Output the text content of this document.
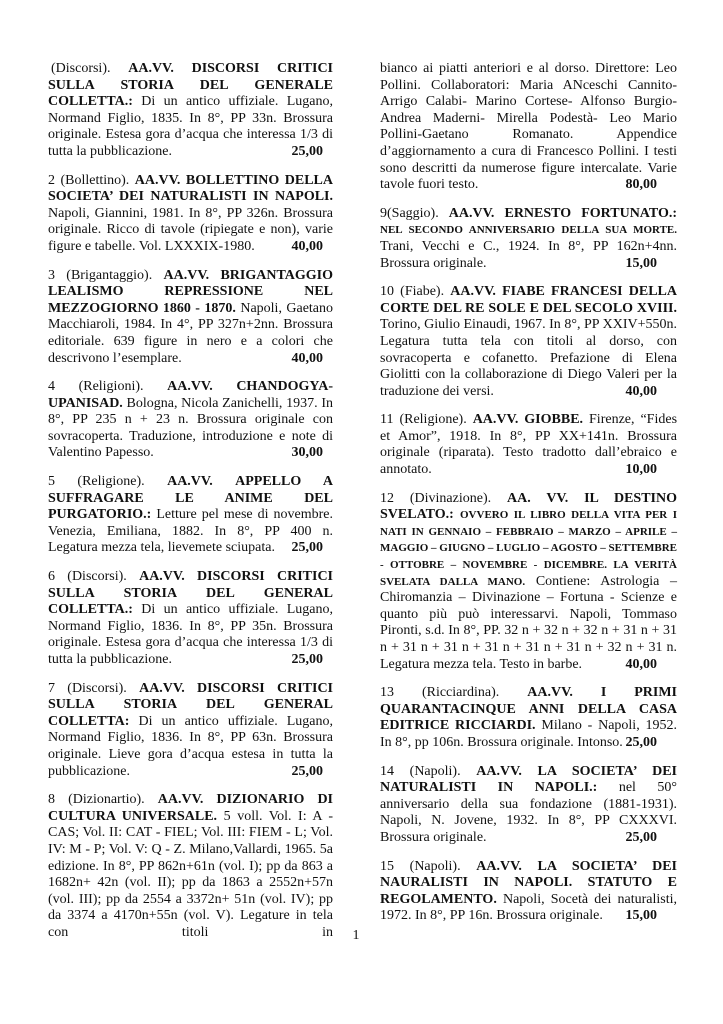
(Discorsi). AA.VV. DISCORSI CRITICI SULLA STORIA DEL GENERALE COLLETTA.: Di un antico uffiziale. Lugano, Normand Figlio, 1835. In 8°, PP 33n. Brossura originale. Estesa gora d’acqua che interessa 1/3 di tutta la pubblicazione.	25,00

2 (Bollettino). AA.VV. BOLLETTINO DELLA SOCIETA’ DEI NATURALISTI IN NAPOLI. Napoli, Giannini, 1981. In 8°, PP 326n. Brossura originale. Ricco di tavole (ripiegate e non), varie figure e tabelle. Vol. LXXXIX-1980.	40,00

3 (Brigantaggio). AA.VV. BRIGANTAGGIO LEALISMO REPRESSIONE NEL MEZZOGIORNO 1860 - 1870. Napoli, Gaetano Macchiaroli, 1984. In 4°, PP 327n+2nn. Brossura editoriale. 639 figure in nero e a colori che descrivono l’esemplare.	40,00

4 (Religioni). AA.VV. CHANDOGYA-UPANISAD. Bologna, Nicola Zanichelli, 1937. In 8°, PP 235 n + 23 n. Brossura originale con sovracoperta. Traduzione, introduzione e note di Valentino Papesso.	30,00

5 (Religione). AA.VV. APPELLO A SUFFRAGARE LE ANIME DEL PURGATORIO.: Letture pel mese di novembre. Venezia, Emiliana, 1882. In 8°, PP 400 n. Legatura mezza tela, lievemete sciupata. 25,00

6 (Discorsi). AA.VV. DISCORSI CRITICI SULLA STORIA DEL GENERAL COLLETTA.: Di un antico uffiziale. Lugano, Normand Figlio, 1836. In 8°, PP 35n. Brossura originale. Estesa gora d’acqua che interessa 1/3 di tutta la pubblicazione.	25,00

7 (Discorsi). AA.VV. DISCORSI CRITICI SULLA STORIA DEL GENERAL COLLETTA: Di un antico uffiziale. Lugano, Normand Figlio, 1836. In 8°, PP 63n. Brossura originale. Lieve gora d’acqua estesa in tutta la pubblicazione.	25,00

8 (Dizionartio). AA.VV. DIZIONARIO DI CULTURA UNIVERSALE. 5 voll. Vol. I: A - CAS; Vol. II: CAT - FIEL; Vol. III: FIEM - L; Vol. IV: M - P; Vol. V: Q - Z. Milano,Vallardi, 1965. 5a edizione. In 8°, PP 862n+61n (vol. I); pp da 863 a 1682n+ 42n (vol. II); pp da 1863 a 2552n+57n (vol. III); pp da 2554 a 3372n+ 51n (vol. IV); pp da 3374 a 4170n+55n (vol. V). Legature in tela con titoli in

bianco ai piatti anteriori e al dorso. Direttore: Leo Pollini. Collaboratori: Maria ANceschi Cannito-Arrigo Calabi- Marino Cortese- Alfonso Burgio-Andrea Maderni- Mirella Podestà- Leo Mario Pollini-Gaetano Romanato. Appendice d’aggiornamento a cura di Francesco Pollini. I testi sono descritti da numerose figure intercalate. Varie tavole fuori testo.	80,00

9(Saggio). AA.VV. ERNESTO FORTUNATO.: NEL SECONDO ANNIVERSARIO DELLA SUA MORTE. Trani, Vecchi e C., 1924. In 8°, PP 162n+4nn. Brossura originale.	15,00

10 (Fiabe). AA.VV. FIABE FRANCESI DELLA CORTE DEL RE SOLE E DEL SECOLO XVIII. Torino, Giulio Einaudi, 1967. In 8°, PP XXIV+550n. Legatura tutta tela con titoli al dorso, con sovracoperta e cofanetto. Prefazione di Elena Giolitti con la collaborazione di Diego Valeri per la traduzione dei versi.	40,00

11 (Religione). AA.VV. GIOBBE. Firenze, “Fides et Amor”, 1918. In 8°, PP XX+141n. Brossura originale (riparata). Testo tradotto dall’ebraico e annotato.	10,00

12 (Divinazione). AA. VV. IL DESTINO SVELATO.: OVVERO IL LIBRO DELLA VITA PER I NATI IN GENNAIO – FEBBRAIO – MARZO – APRILE – MAGGIO – GIUGNO – LUGLIO – AGOSTO – SETTEMBRE - OTTOBRE – NOVEMBRE - DICEMBRE. LA VERITÀ SVELATA DALLA MANO. Contiene: Astrologia – Chiromanzia – Divinazione – Fortuna - Scienze e quanto più può interessarvi. Napoli, Tommaso Pironti, s.d. In 8°, PP. 32 n + 32 n + 32 n + 31 n + 31 n + 31 n + 31 n + 31 n + 31 n + 31 n + 32 n + 31 n. Legatura mezza tela. Testo in barbe.	40,00

13 (Ricciardina). AA.VV. I PRIMI QUARANTACINQUE ANNI DELLA CASA EDITRICE RICCIARDI. Milano - Napoli, 1952. In 8°, pp 106n. Brossura originale. Intonso. 25,00

14 (Napoli). AA.VV. LA SOCIETA’ DEI NATURALISTI IN NAPOLI.: nel 50° anniversario della sua fondazione (1881-1931). Napoli, N. Jovene, 1932. In 8°, PP CXXXVI. Brossura originale.	25,00

15 (Napoli). AA.VV. LA SOCIETA’ DEI NAURALISTI IN NAPOLI. STATUTO E REGOLAMENTO. Napoli, Socetà dei naturalisti, 1972. In 8°, PP 16n. Brossura originale. 15,00

1
